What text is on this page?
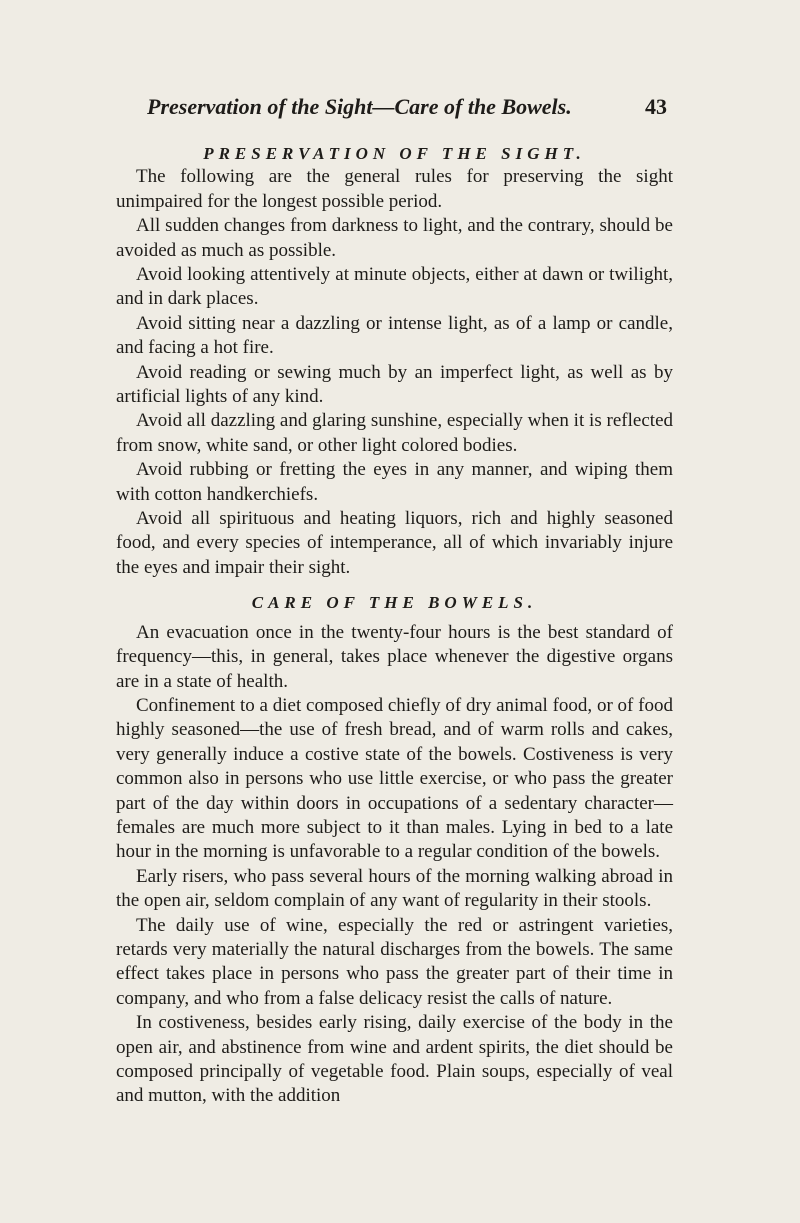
Preservation of the Sight—Care of the Bowels.	43
PRESERVATION OF THE SIGHT.

The following are the general rules for preserving the sight unimpaired for the longest possible period.

All sudden changes from darkness to light, and the contrary, should be avoided as much as possible.

Avoid looking attentively at minute objects, either at dawn or twilight, and in dark places.

Avoid sitting near a dazzling or intense light, as of a lamp or candle, and facing a hot fire.

Avoid reading or sewing much by an imperfect light, as well as by artificial lights of any kind.

Avoid all dazzling and glaring sunshine, especially when it is reflected from snow, white sand, or other light colored bodies.

Avoid rubbing or fretting the eyes in any manner, and wiping them with cotton handkerchiefs.

Avoid all spirituous and heating liquors, rich and highly seasoned food, and every species of intemperance, all of which invariably injure the eyes and impair their sight.

CARE OF THE BOWELS.

An evacuation once in the twenty-four hours is the best standard of frequency—this, in general, takes place whenever the digestive organs are in a state of health.

Confinement to a diet composed chiefly of dry animal food, or of food highly seasoned—the use of fresh bread, and of warm rolls and cakes, very generally induce a costive state of the bowels. Costiveness is very common also in persons who use little exercise, or who pass the greater part of the day within doors in occupations of a sedentary character—females are much more subject to it than males. Lying in bed to a late hour in the morning is unfavorable to a regular condition of the bowels.

Early risers, who pass several hours of the morning walking abroad in the open air, seldom complain of any want of regularity in their stools.

The daily use of wine, especially the red or astringent varieties, retards very materially the natural discharges from the bowels. The same effect takes place in persons who pass the greater part of their time in company, and who from a false delicacy resist the calls of nature.

In costiveness, besides early rising, daily exercise of the body in the open air, and abstinence from wine and ardent spirits, the diet should be composed principally of vegetable food. Plain soups, especially of veal and mutton, with the addition
